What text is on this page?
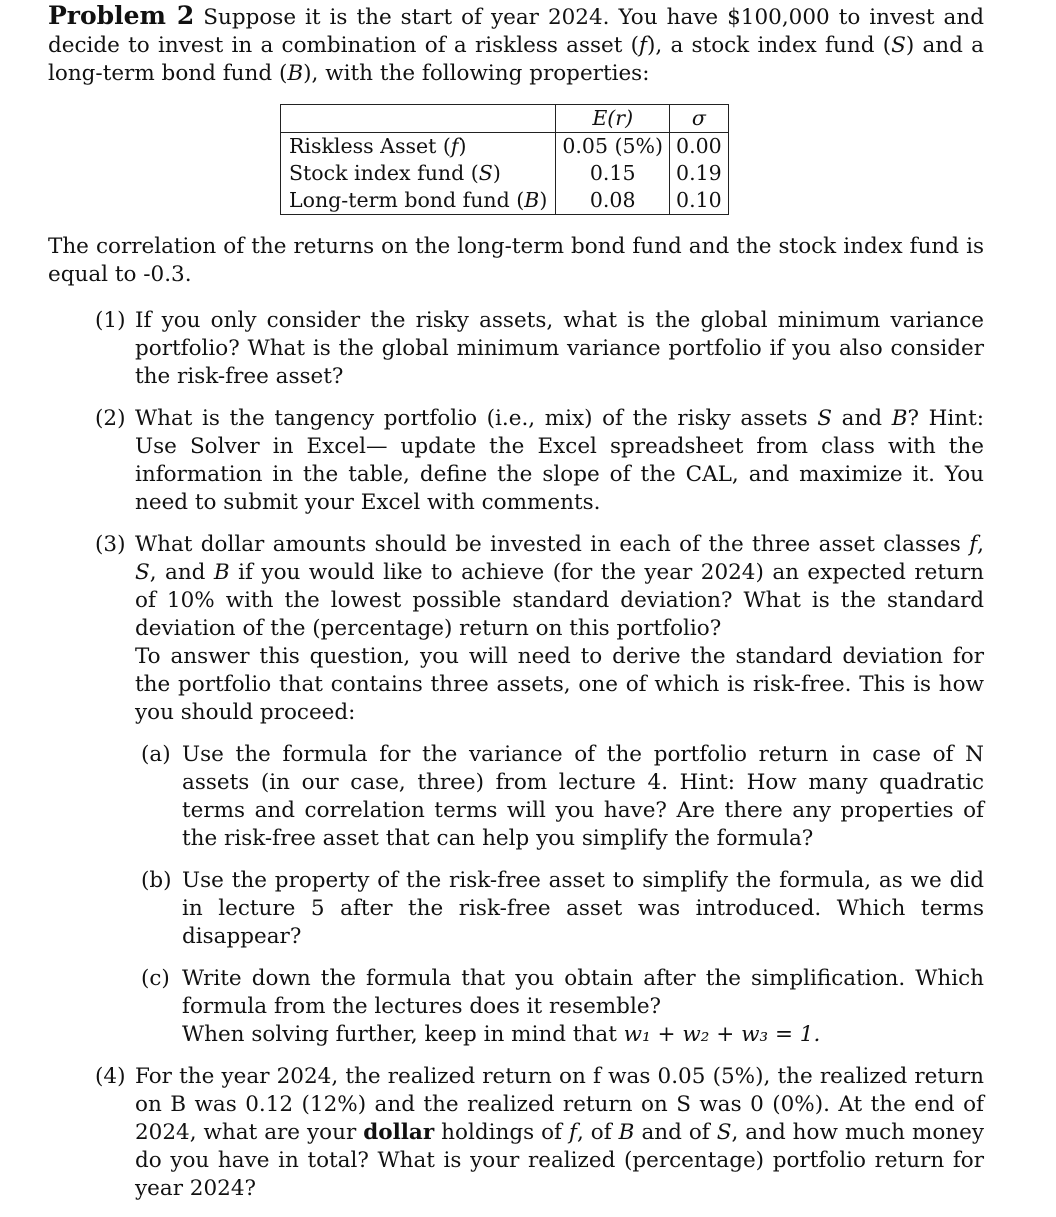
Problem 2 Suppose it is the start of year 2024. You have $100,000 to invest and decide to invest in a combination of a riskless asset (f), a stock index fund (S) and a long-term bond fund (B), with the following properties:

	E(r)	σ
Riskless Asset (f)	0.05 (5%)	0.00
Stock index fund (S)	0.15	0.19
Long-term bond fund (B)	0.08	0.10

The correlation of the returns on the long-term bond fund and the stock index fund is equal to -0.3.

(1) If you only consider the risky assets, what is the global minimum variance portfolio? What is the global minimum variance portfolio if you also consider the risk-free asset?
(2) What is the tangency portfolio (i.e., mix) of the risky assets S and B? Hint: Use Solver in Excel— update the Excel spreadsheet from class with the information in the table, define the slope of the CAL, and maximize it. You need to submit your Excel with comments.
(3) What dollar amounts should be invested in each of the three asset classes f, S, and B if you would like to achieve (for the year 2024) an expected return of 10% with the lowest possible standard deviation? What is the standard deviation of the (percentage) return on this portfolio?
To answer this question, you will need to derive the standard deviation for the portfolio that contains three assets, one of which is risk-free. This is how you should proceed:
(a) Use the formula for the variance of the portfolio return in case of N assets (in our case, three) from lecture 4. Hint: How many quadratic terms and correlation terms will you have? Are there any properties of the risk-free asset that can help you simplify the formula?
(b) Use the property of the risk-free asset to simplify the formula, as we did in lecture 5 after the risk-free asset was introduced. Which terms disappear?
(c) Write down the formula that you obtain after the simplification. Which formula from the lectures does it resemble?
When solving further, keep in mind that w₁ + w₂ + w₃ = 1.
(4) For the year 2024, the realized return on f was 0.05 (5%), the realized return on B was 0.12 (12%) and the realized return on S was 0 (0%). At the end of 2024, what are your dollar holdings of f, of B and of S, and how much money do you have in total? What is your realized (percentage) portfolio return for year 2024?
